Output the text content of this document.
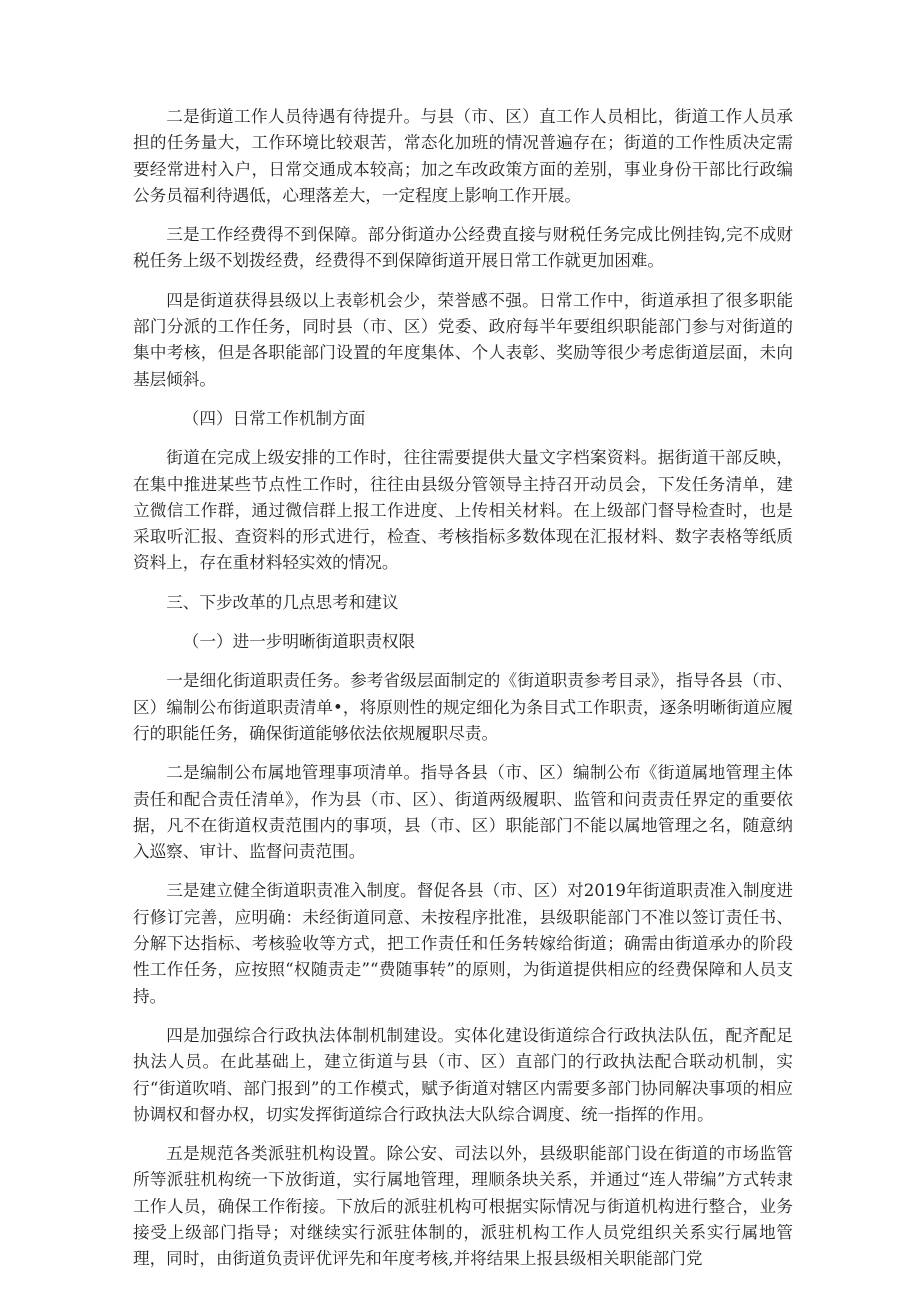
二是街道工作人员待遇有待提升。与县（市、区）直工作人员相比，街道工作人员承担的任务量大，工作环境比较艰苦，常态化加班的情况普遍存在；街道的工作性质决定需要经常进村入户，日常交通成本较高；加之车改政策方面的差别，事业身份干部比行政编公务员福利待遇低，心理落差大，一定程度上影响工作开展。

三是工作经费得不到保障。部分街道办公经费直接与财税任务完成比例挂钩,完不成财税任务上级不划拨经费，经费得不到保障街道开展日常工作就更加困难。

四是街道获得县级以上表彰机会少，荣誉感不强。日常工作中，街道承担了很多职能部门分派的工作任务，同时县（市、区）党委、政府每半年要组织职能部门参与对街道的集中考核，但是各职能部门设置的年度集体、个人表彰、奖励等很少考虑街道层面，未向基层倾斜。

（四）日常工作机制方面

街道在完成上级安排的工作时，往往需要提供大量文字档案资料。据街道干部反映，在集中推进某些节点性工作时，往往由县级分管领导主持召开动员会，下发任务清单，建立微信工作群，通过微信群上报工作进度、上传相关材料。在上级部门督导检查时，也是采取听汇报、查资料的形式进行，检查、考核指标多数体现在汇报材料、数字表格等纸质资料上，存在重材料轻实效的情况。

三、下步改革的几点思考和建议

（一）进一步明晰街道职责权限

一是细化街道职责任务。参考省级层面制定的《街道职责参考目录》，指导各县（市、区）编制公布街道职责清单•，将原则性的规定细化为条目式工作职责，逐条明晰街道应履行的职能任务，确保街道能够依法依规履职尽责。

二是编制公布属地管理事项清单。指导各县（市、区）编制公布《街道属地管理主体责任和配合责任清单》，作为县（市、区）、街道两级履职、监管和问责责任界定的重要依据，凡不在街道权责范围内的事项，县（市、区）职能部门不能以属地管理之名，随意纳入巡察、审计、监督问责范围。

三是建立健全街道职责准入制度。督促各县（市、区）对2019年街道职责准入制度进行修订完善，应明确：未经街道同意、未按程序批准，县级职能部门不准以签订责任书、分解下达指标、考核验收等方式，把工作责任和任务转嫁给街道；确需由街道承办的阶段性工作任务，应按照“权随责走”“费随事转”的原则，为街道提供相应的经费保障和人员支持。

四是加强综合行政执法体制机制建设。实体化建设街道综合行政执法队伍，配齐配足执法人员。在此基础上，建立街道与县（市、区）直部门的行政执法配合联动机制，实行“街道吹哨、部门报到”的工作模式，赋予街道对辖区内需要多部门协同解决事项的相应协调权和督办权，切实发挥街道综合行政执法大队综合调度、统一指挥的作用。

五是规范各类派驻机构设置。除公安、司法以外，县级职能部门设在街道的市场监管所等派驻机构统一下放街道，实行属地管理，理顺条块关系，并通过“连人带编”方式转隶工作人员，确保工作衔接。下放后的派驻机构可根据实际情况与街道机构进行整合，业务接受上级部门指导；对继续实行派驻体制的，派驻机构工作人员党组织关系实行属地管理，同时，由街道负责评优评先和年度考核,并将结果上报县级相关职能部门党
